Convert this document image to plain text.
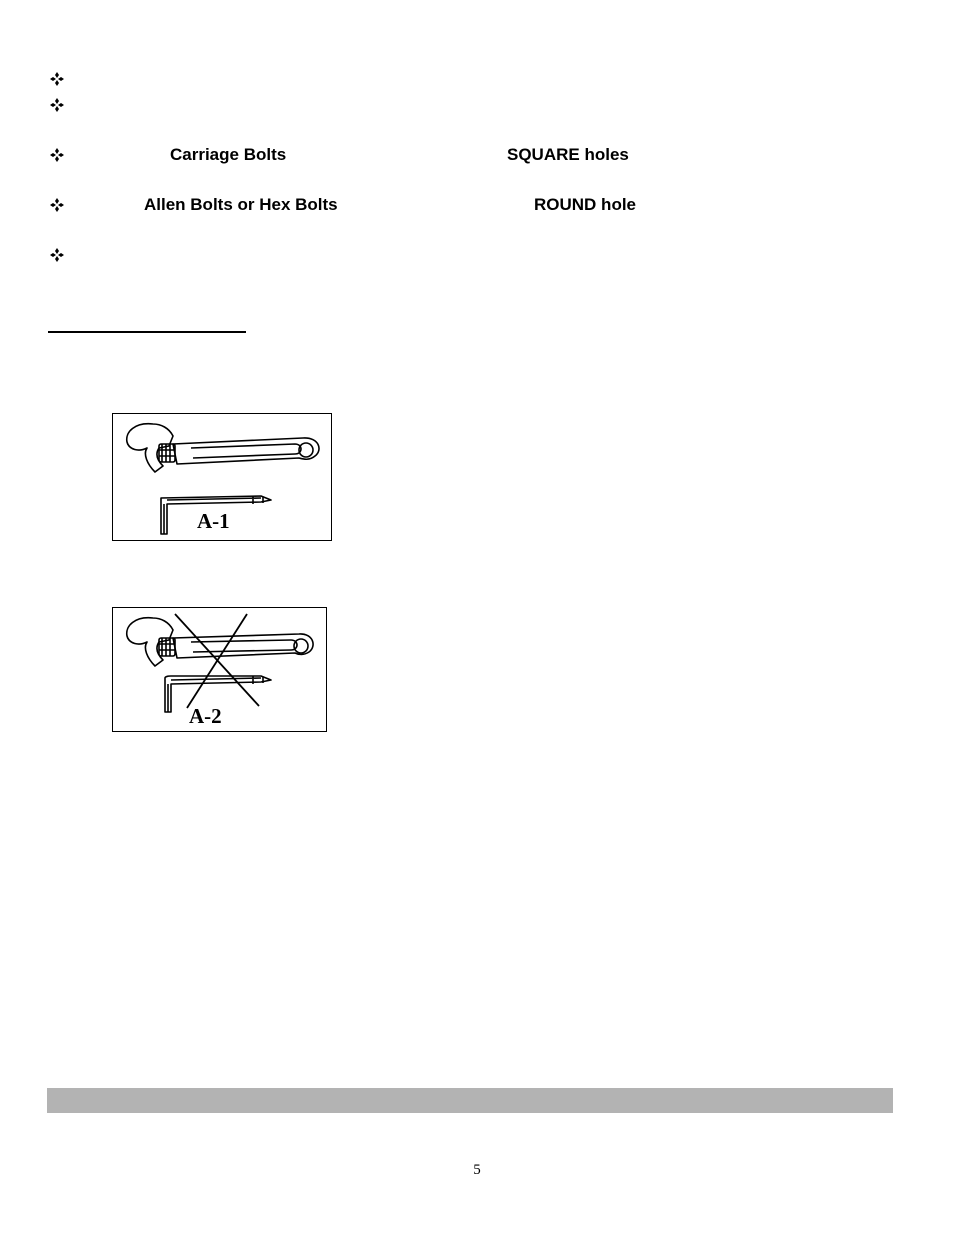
Carriage Bolts	SQUARE holes
Allen Bolts or Hex Bolts	ROUND hole
A-1
A-2
5
